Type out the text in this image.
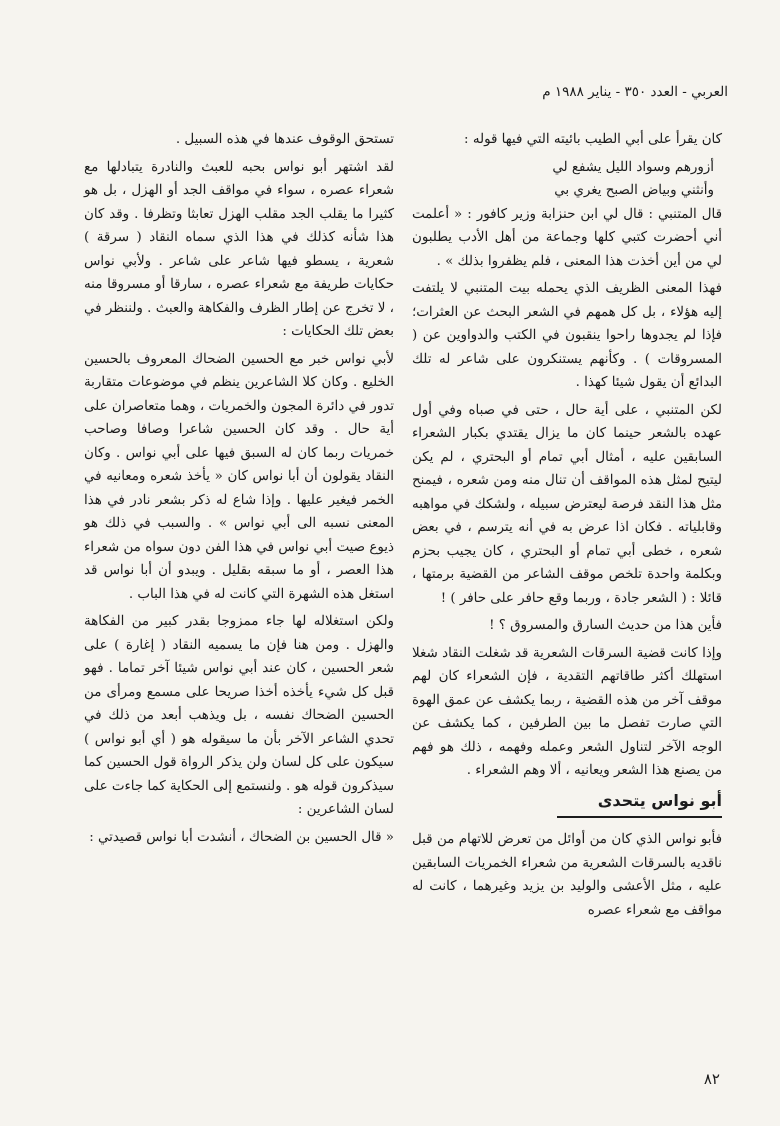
العربي - العدد ٣٥٠ - يناير ١٩٨٨ م

كان يقرأ على أبي الطيب بائيته التي فيها قوله :

أزورهم وسواد الليل يشفع لي

وأنثني وبياض الصبح يغري بي

قال المتنبي : قال لي ابن حنزابة وزير كافور : « أعلمت أني أحضرت كتبي كلها وجماعة من أهل الأدب يطلبون لي من أين أخذت هذا المعنى ، فلم يظفروا بذلك » .

فهذا المعنى الظريف الذي يحمله بيت المتنبي لا يلتفت إليه هؤلاء ، بل كل همهم في الشعر البحث عن العثرات؛ فإذا لم يجدوها راحوا ينقبون في الكتب والدواوين عن ( المسروقات ) . وكأنهم يستنكرون على شاعر له تلك البدائع أن يقول شيئا كهذا .

لكن المتنبي ، على أية حال ، حتى في صباه وفي أول عهده بالشعر حينما كان ما يزال يقتدي بكبار الشعراء السابقين عليه ، أمثال أبي تمام أو البحتري ، لم يكن ليتيح لمثل هذه المواقف أن تنال منه ومن شعره ، فيمنح مثل هذا النقد فرصة ليعترض سبيله ، ولشكك في مواهبه وقابلياته . فكان اذا عرض به في أنه يترسم ، في بعض شعره ، خطى أبي تمام أو البحتري ، كان يجيب بحزم وبكلمة واحدة تلخص موقف الشاعر من القضية برمتها ، قائلا : ( الشعر جادة ، وربما وقع حافر على حافر ) !

فأين هذا من حديث السارق والمسروق ؟ !

وإذا كانت قضية السرقات الشعرية قد شغلت النقاد شغلا استهلك أكثر طاقاتهم التقدية ، فإن الشعراء كان لهم موقف آخر من هذه القضية ، ربما يكشف عن عمق الهوة التي صارت تفصل ما بين الطرفين ، كما يكشف عن الوجه الآخر لتناول الشعر وعمله وفهمه ، ذلك هو فهم من يصنع هذا الشعر ويعانيه ، ألا وهم الشعراء .

أبو نواس يتحدى

فأبو نواس الذي كان من أوائل من تعرض للاتهام من قبل ناقديه بالسرقات الشعرية من شعراء الخمريات السابقين عليه ، مثل الأعشى والوليد بن يزيد وغيرهما ، كانت له مواقف مع شعراء عصره

تستحق الوقوف عندها في هذه السبيل .

لقد اشتهر أبو نواس بحبه للعبث والنادرة يتبادلها مع شعراء عصره ، سواء في مواقف الجد أو الهزل ، بل هو كثيرا ما يقلب الجد مقلب الهزل تعابثا وتظرفا . وقد كان هذا شأنه كذلك في هذا الذي سماه النقاد ( سرقة ) شعرية ، يسطو فيها شاعر على شاعر . ولأبي نواس حكايات طريفة مع شعراء عصره ، سارقا أو مسروقا منه ، لا تخرج عن إطار الظرف والفكاهة والعبث . ولننظر في بعض تلك الحكايات :

لأبي نواس خبر مع الحسين الضحاك المعروف بالحسين الخليع . وكان كلا الشاعرين ينظم في موضوعات متقاربة تدور في دائرة المجون والخمريات ، وهما متعاصران على أية حال . وقد كان الحسين شاعرا وصافا وصاحب خمريات ربما كان له السبق فيها على أبي نواس . وكان النقاد يقولون أن أبا نواس كان « يأخذ شعره ومعانيه في الخمر فيغير عليها . وإذا شاع له ذكر بشعر نادر في هذا المعنى نسبه الى أبي نواس » . والسبب في ذلك هو ذيوع صيت أبي نواس في هذا الفن دون سواه من شعراء هذا العصر ، أو ما سبقه بقليل . ويبدو أن أبا نواس قد استغل هذه الشهرة التي كانت له في هذا الباب .

ولكن استغلاله لها جاء ممزوجا بقدر كبير من الفكاهة والهزل . ومن هنا فإن ما يسميه النقاد ( إغارة ) على شعر الحسين ، كان عند أبي نواس شيئا آخر تماما . فهو قبل كل شيء يأخذه أخذا صريحا على مسمع ومرأى من الحسين الضحاك نفسه ، بل ويذهب أبعد من ذلك في تحدي الشاعر الآخر بأن ما سيقوله هو ( أي أبو نواس ) سيكون على كل لسان ولن يذكر الرواة قول الحسين كما سيذكرون قوله هو . ولنستمع إلى الحكاية كما جاءت على لسان الشاعرين :

« قال الحسين بن الضحاك ، أنشدت أبا نواس قصيدتي :

٨٢
